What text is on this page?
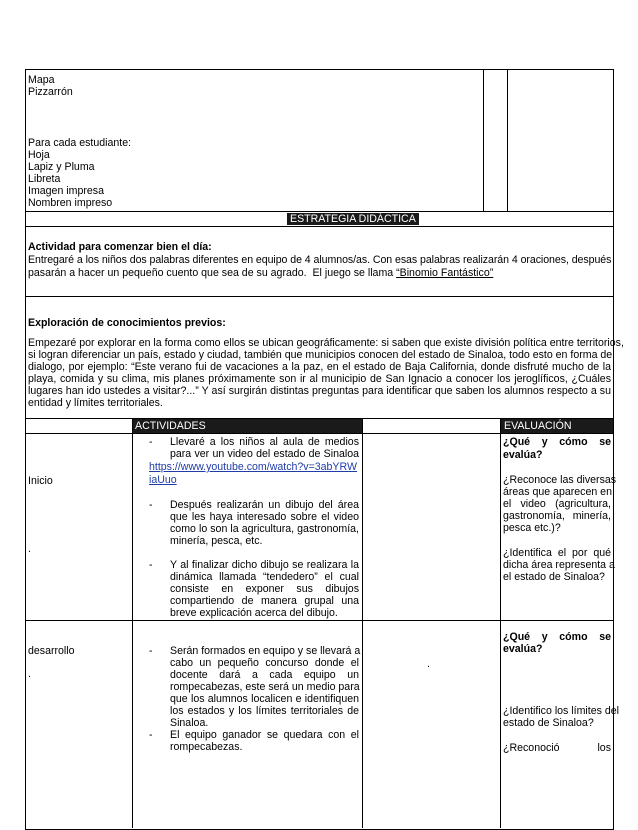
Mapa
Pizzarrón
Para cada estudiante:
Hoja
Lapiz y Pluma
Libreta
Imagen impresa
Nombren impreso
ESTRATEGIA DIDÁCTICA
Actividad para comenzar bien el día:
Entregaré a los niños dos palabras diferentes en equipo de 4 alumnos/as. Con esas palabras realizarán 4 oraciones, después
pasarán a hacer un pequeño cuento que sea de su agrado.  El juego se llama “Binomio Fantástico”
Exploración de conocimientos previos:
Empezaré por explorar en la forma como ellos se ubican geográficamente: si saben que existe división política entre territorios,
si logran diferenciar un país, estado y ciudad, también que municipios conocen del estado de Sinaloa, todo esto en forma de
dialogo, por ejemplo: “Este verano fui de vacaciones a la paz, en el estado de Baja California, donde disfruté mucho de la
playa, comida y su clima, mis planes próximamente son ir al municipio de San Ignacio a conocer los jeroglíficos, ¿Cuáles
lugares han ido ustedes a visitar?...” Y así surgirán distintas preguntas para identificar que saben los alumnos respecto a su
entidad y límites territoriales.
ACTIVIDADES	EVALUACIÓN
Inicio
.
- Llevaré a los niños al aula de medios
para ver un video del estado de Sinaloa
https://www.youtube.com/watch?v=3abYRW
iaUuo
- Después realizarán un dibujo del área
que les haya interesado sobre el video
como lo son la agricultura, gastronomía,
minería, pesca, etc.
- Y al finalizar dicho dibujo se realizara la
dinámica llamada “tendedero” el cual
consiste en exponer sus dibujos
compartiendo de manera grupal una
breve explicación acerca del dibujo.
¿Qué y cómo se
evalúa?
¿Reconoce las diversas
áreas que aparecen en
el video (agricultura,
gastronomía, minería,
pesca etc.)?
¿Identifica el por qué
dicha área representa a
el estado de Sinaloa?
desarrollo
.
.
- Serán formados en equipo y se llevará a
cabo un pequeño concurso donde el
docente dará a cada equipo un
rompecabezas, este será un medio para
que los alumnos localicen e identifiquen
los estados y los límites territoriales de
Sinaloa.
- El equipo ganador se quedara con el
rompecabezas.
¿Qué y cómo se
evalúa?
¿Identifico los límites del
estado de Sinaloa?
¿Reconoció los
